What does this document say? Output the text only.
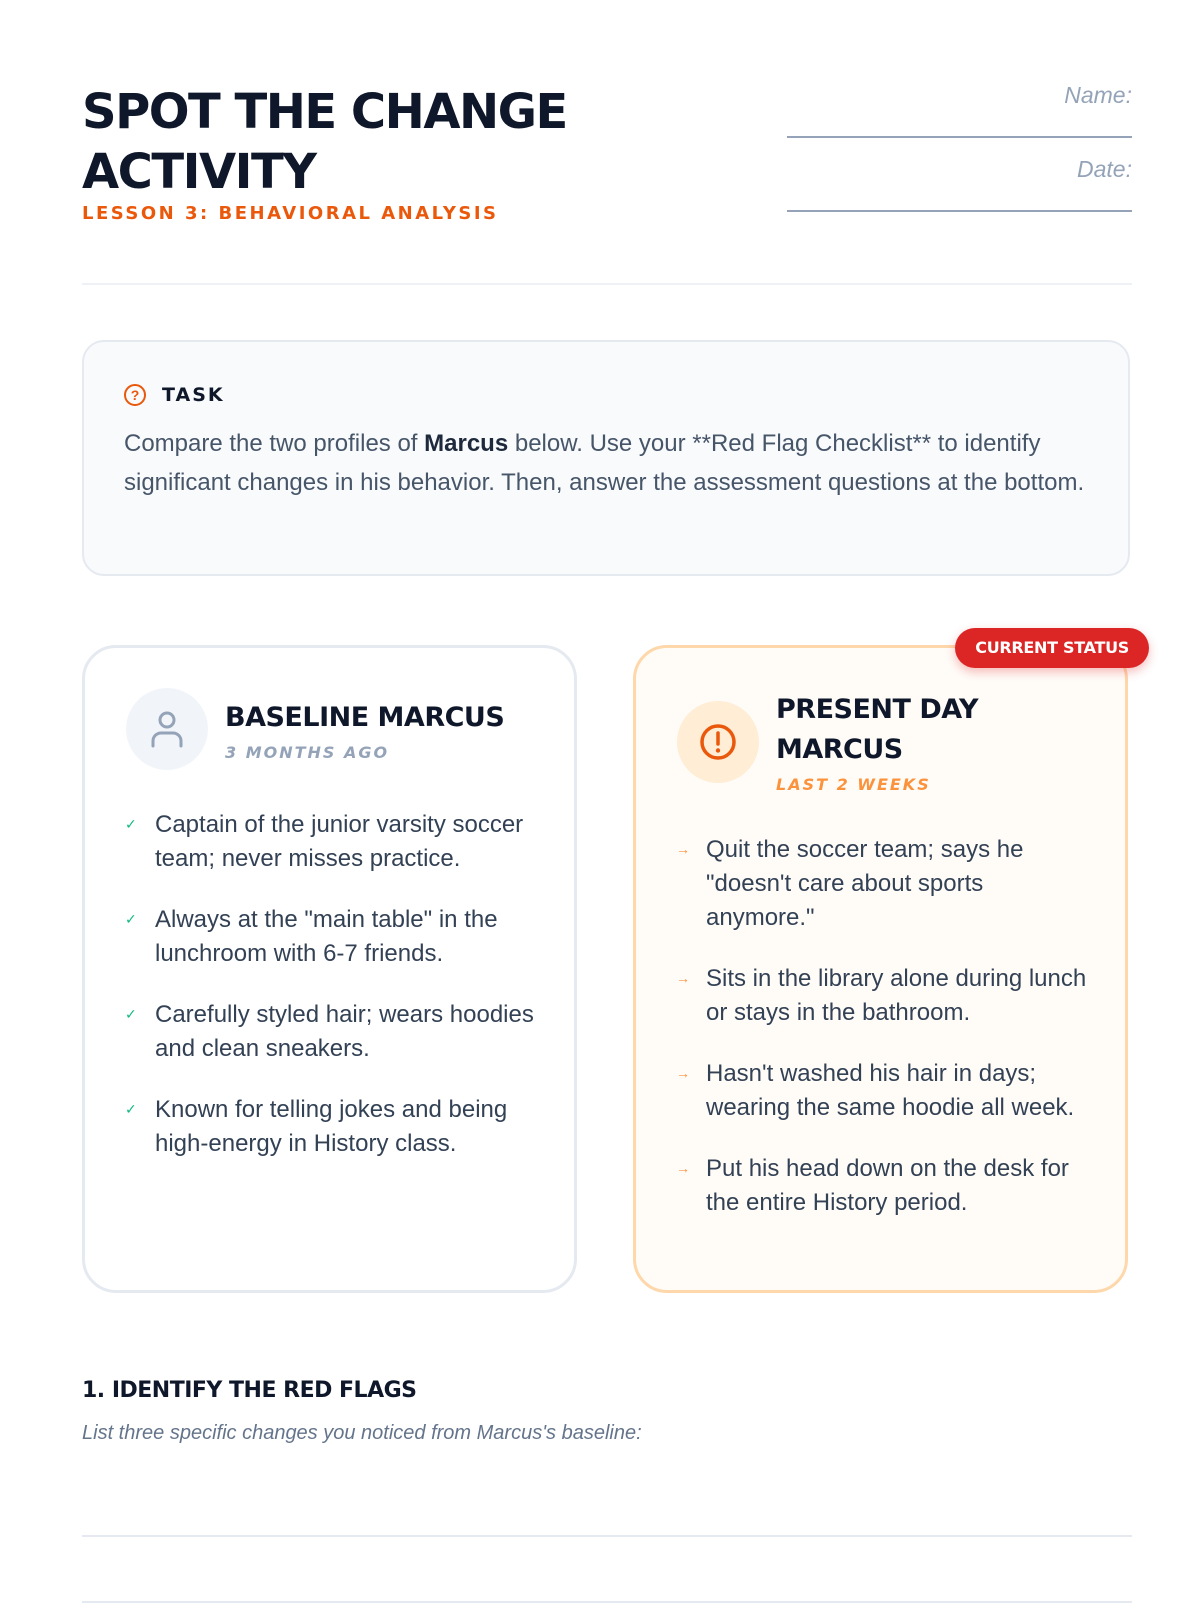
SPOT THE CHANGE ACTIVITY
LESSON 3: BEHAVIORAL ANALYSIS
Name:
Date:
?	TASK
Compare the two profiles of Marcus below. Use your **Red Flag Checklist** to identify significant changes in his behavior. Then, answer the assessment questions at the bottom.
BASELINE MARCUS
3 MONTHS AGO
✓ Captain of the junior varsity soccer team; never misses practice.
✓ Always at the "main table" in the lunchroom with 6-7 friends.
✓ Carefully styled hair; wears hoodies and clean sneakers.
✓ Known for telling jokes and being high-energy in History class.
CURRENT STATUS
PRESENT DAY MARCUS
LAST 2 WEEKS
→ Quit the soccer team; says he "doesn't care about sports anymore."
→ Sits in the library alone during lunch or stays in the bathroom.
→ Hasn't washed his hair in days; wearing the same hoodie all week.
→ Put his head down on the desk for the entire History period.
1. IDENTIFY THE RED FLAGS
List three specific changes you noticed from Marcus's baseline:
